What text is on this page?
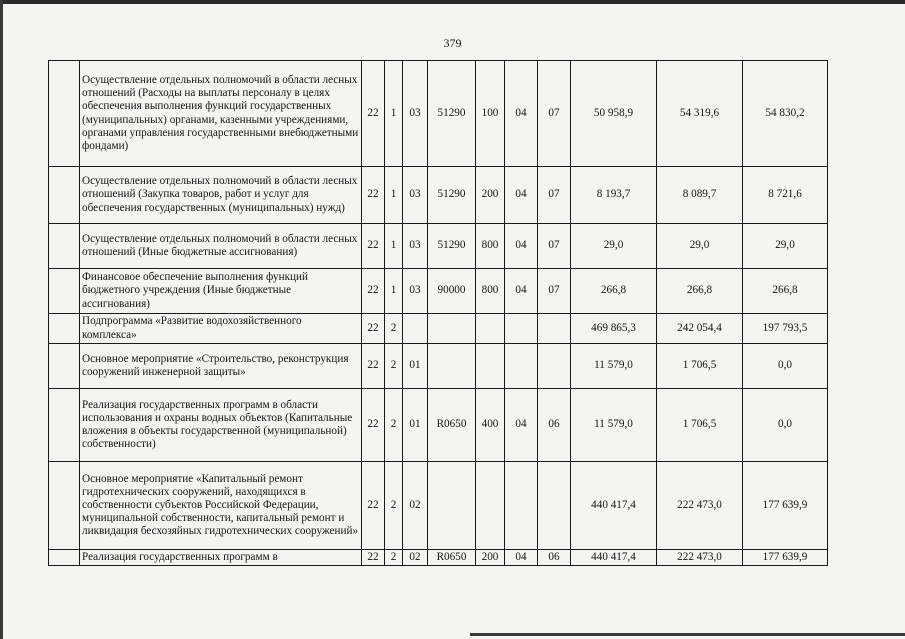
379
	Осуществление отдельных полномочий в области лесных отношений (Расходы на выплаты персоналу в целях обеспечения выполнения функций государственных (муниципальных) органами, казенными учреждениями, органами управления государственными внебюджетными фондами)	22	1	03	51290	100	04	07	50 958,9	54 319,6	54 830,2
	Осуществление отдельных полномочий в области лесных отношений (Закупка товаров, работ и услуг для обеспечения государственных (муниципальных) нужд)	22	1	03	51290	200	04	07	8 193,7	8 089,7	8 721,6
	Осуществление отдельных полномочий в области лесных отношений (Иные бюджетные ассигнования)	22	1	03	51290	800	04	07	29,0	29,0	29,0
	Финансовое обеспечение выполнения функций бюджетного учреждения (Иные бюджетные ассигнования)	22	1	03	90000	800	04	07	266,8	266,8	266,8
	Подпрограмма «Развитие водохозяйственного комплекса»	22	2						469 865,3	242 054,4	197 793,5
	Основное мероприятие «Строительство, реконструкция сооружений инженерной защиты»	22	2	01					11 579,0	1 706,5	0,0
	Реализация государственных программ в области использования и охраны водных объектов (Капитальные вложения в объекты государственной (муниципальной) собственности)	22	2	01	R0650	400	04	06	11 579,0	1 706,5	0,0
	Основное мероприятие «Капитальный ремонт гидротехнических сооружений, находящихся в собственности субъектов Российской Федерации, муниципальной собственности, капитальный ремонт и ликвидация бесхозяйных гидротехнических сооружений»	22	2	02					440 417,4	222 473,0	177 639,9
	Реализация государственных программ в	22	2	02	R0650	200	04	06	440 417,4	222 473,0	177 639,9
